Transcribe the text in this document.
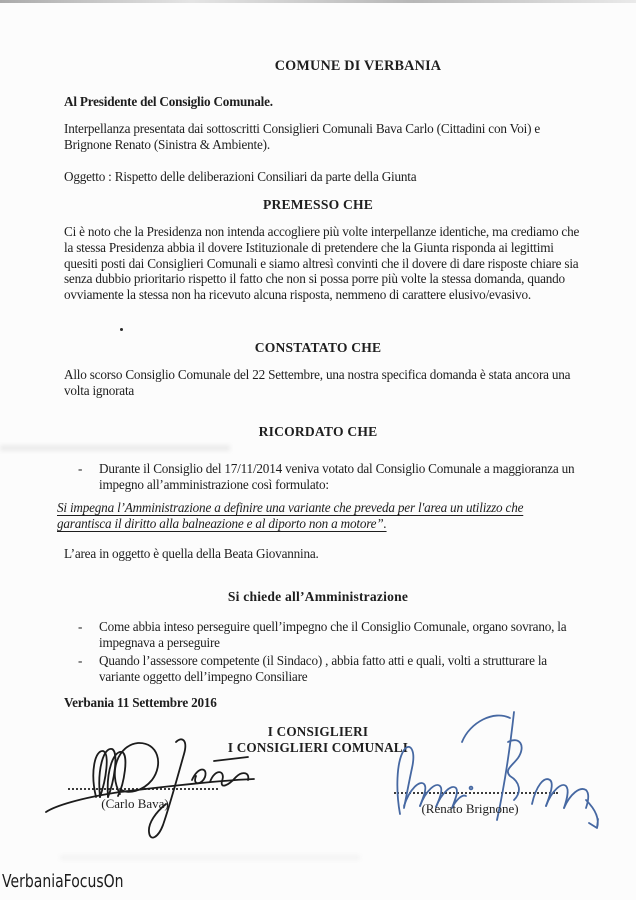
COMUNE DI VERBANIA
Al Presidente del Consiglio Comunale.
Interpellanza presentata dai sottoscritti Consiglieri Comunali Bava Carlo (Cittadini con Voi) e Brignone Renato (Sinistra & Ambiente).
Oggetto : Rispetto delle deliberazioni Consiliari da parte della Giunta
PREMESSO CHE
Ci è noto che la Presidenza non intenda accogliere più volte interpellanze identiche, ma crediamo che la stessa Presidenza abbia il dovere Istituzionale di pretendere che la Giunta risponda ai legittimi quesiti posti dai Consiglieri Comunali e siamo altresì convinti che il dovere di dare risposte chiare sia senza dubbio prioritario rispetto il fatto che non si possa porre più volte la stessa domanda, quando ovviamente la stessa non ha ricevuto alcuna risposta, nemmeno di carattere elusivo/evasivo.
CONSTATATO CHE
Allo scorso Consiglio Comunale del 22 Settembre, una nostra specifica domanda è stata ancora una volta ignorata
RICORDATO CHE
- Durante il Consiglio del 17/11/2014 veniva votato dal Consiglio Comunale a maggioranza un impegno all’amministrazione così formulato:
Si impegna l’Amministrazione a definire una variante che preveda per l'area un utilizzo che garantisca il diritto alla balneazione e al diporto non a motore”.
L’area in oggetto è quella della Beata Giovannina.
Si chiede all’Amministrazione
- Come abbia inteso perseguire quell’impegno che il Consiglio Comunale, organo sovrano, la impegnava a perseguire
- Quando l’assessore competente (il Sindaco) , abbia fatto atti e quali, volti a strutturare la variante oggetto dell’impegno Consiliare
Verbania 11 Settembre 2016
I CONSIGLIERI
I CONSIGLIERI COMUNALI
(Carlo Bava)	(Renato Brignone)
VerbaniaFocusOn
